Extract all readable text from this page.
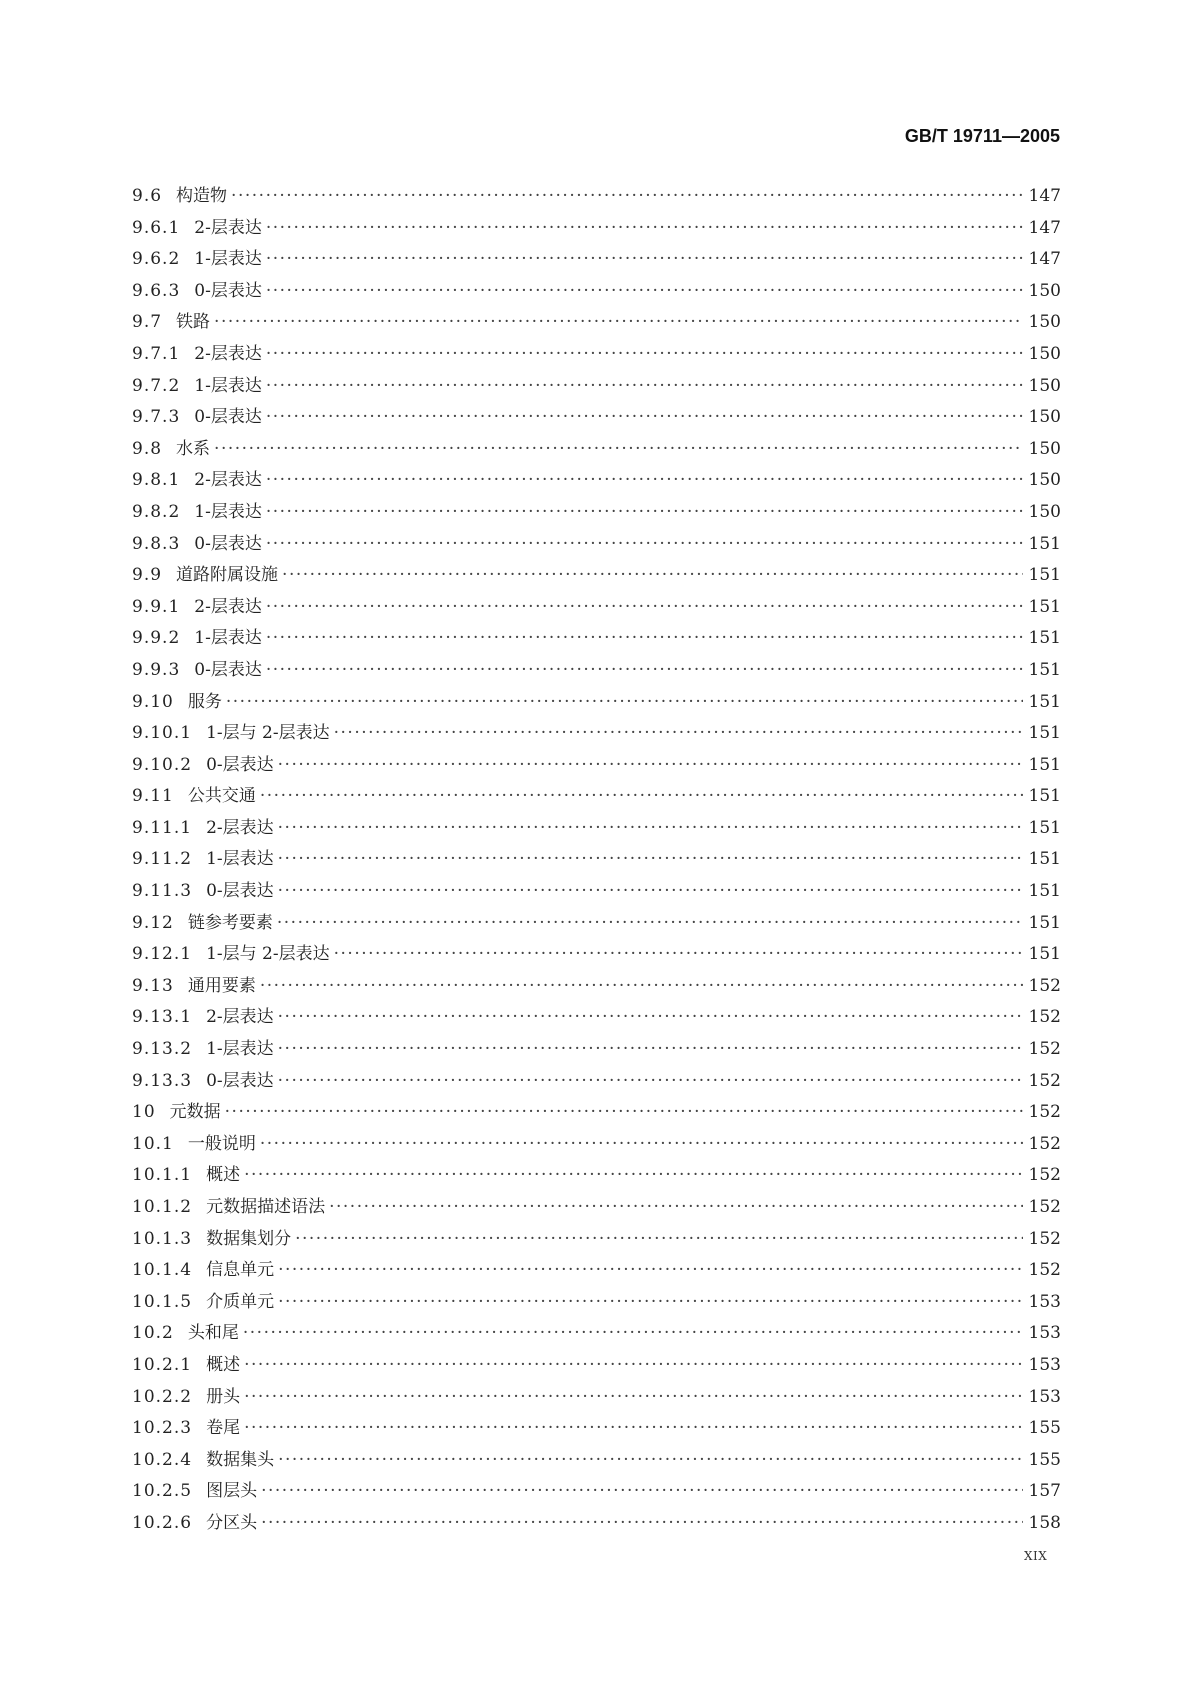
GB/T 19711—2005
9.6 构造物 ·····	147
9.6.1 2-层表达 ·····	147
9.6.2 1-层表达 ·····	147
9.6.3 0-层表达 ·····	150
9.7 铁路 ·····	150
9.7.1 2-层表达 ·····	150
9.7.2 1-层表达 ·····	150
9.7.3 0-层表达 ·····	150
9.8 水系 ·····	150
9.8.1 2-层表达 ·····	150
9.8.2 1-层表达 ·····	150
9.8.3 0-层表达 ·····	151
9.9 道路附属设施 ·····	151
9.9.1 2-层表达 ·····	151
9.9.2 1-层表达 ·····	151
9.9.3 0-层表达 ·····	151
9.10 服务 ·····	151
9.10.1 1-层与 2-层表达 ·····	151
9.10.2 0-层表达 ·····	151
9.11 公共交通 ·····	151
9.11.1 2-层表达 ·····	151
9.11.2 1-层表达 ·····	151
9.11.3 0-层表达 ·····	151
9.12 链参考要素 ·····	151
9.12.1 1-层与 2-层表达 ·····	151
9.13 通用要素 ·····	152
9.13.1 2-层表达 ·····	152
9.13.2 1-层表达 ·····	152
9.13.3 0-层表达 ·····	152
10 元数据 ·····	152
10.1 一般说明 ·····	152
10.1.1 概述 ·····	152
10.1.2 元数据描述语法 ·····	152
10.1.3 数据集划分 ·····	152
10.1.4 信息单元 ·····	152
10.1.5 介质单元 ·····	153
10.2 头和尾 ·····	153
10.2.1 概述 ·····	153
10.2.2 册头 ·····	153
10.2.3 卷尾 ·····	155
10.2.4 数据集头 ·····	155
10.2.5 图层头 ·····	157
10.2.6 分区头 ·····	158
XIX
